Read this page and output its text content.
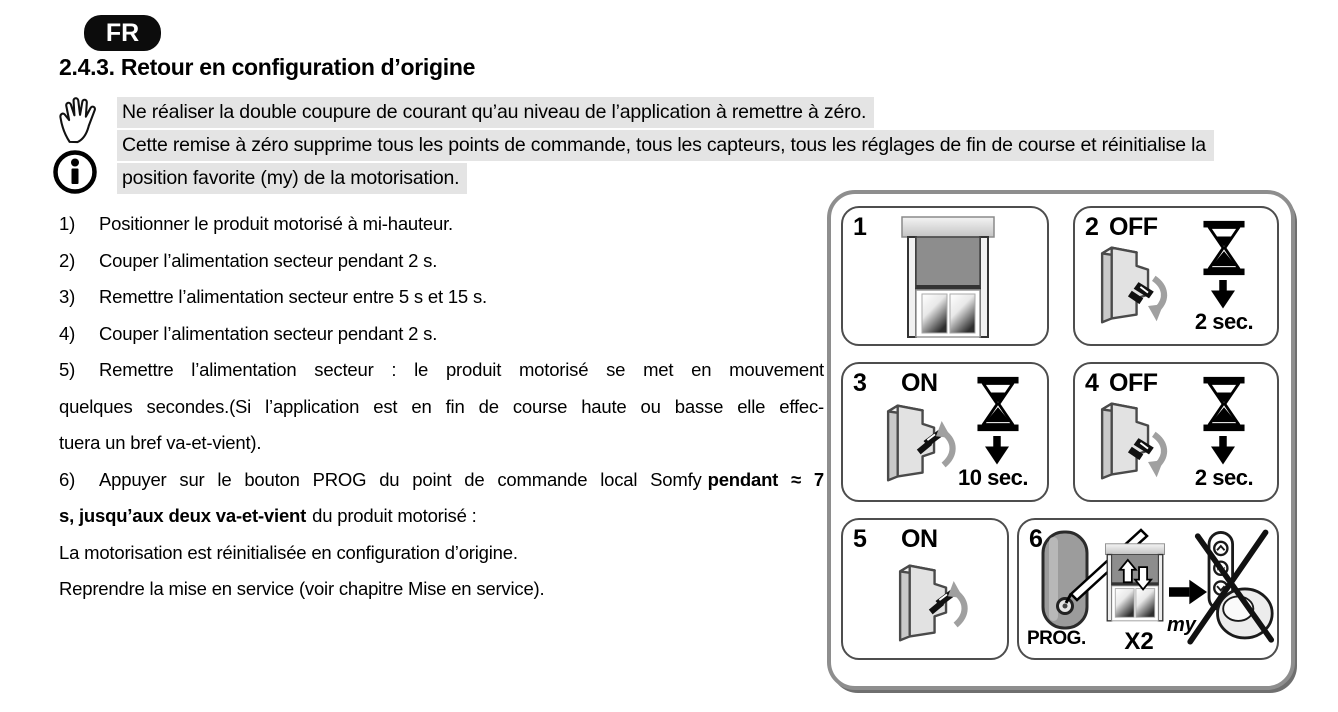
FR
2.4.3. Retour en configuration d’origine
Ne réaliser la double coupure de courant qu’au niveau de l’application à remettre à zéro.
Cette remise à zéro supprime tous les points de commande, tous les capteurs, tous les réglages de fin de course et réinitialise la
position favorite (my) de la motorisation.
1) Positionner le produit motorisé à mi-hauteur.
2) Couper l’alimentation secteur pendant 2 s.
3) Remettre l’alimentation secteur entre 5 s et 15 s.
4) Couper l’alimentation secteur pendant 2 s.
5) Remettre l’alimentation secteur : le produit motorisé se met en mouvement
quelques secondes.(Si l’application est en fin de course haute ou basse elle effec-
tuera un bref va-et-vient).
6) Appuyer sur le bouton PROG du point de commande local Somfy pendant ≈ 7
s, jusqu’aux deux va-et-vient du produit motorisé :
La motorisation est réinitialisée en configuration d’origine.
Reprendre la mise en service (voir chapitre Mise en service).
1	2 OFF
2 sec.
3 ON
10 sec.
4 OFF
2 sec.
5 ON	6
PROG.	X2
my
